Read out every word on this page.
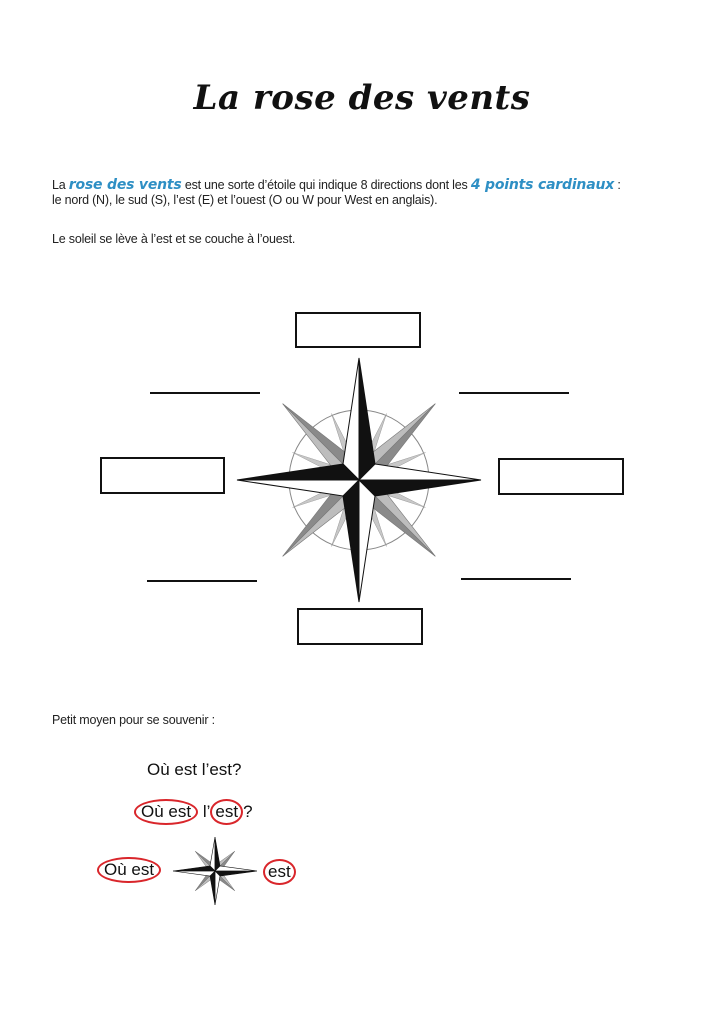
La rose des vents
La rose des vents est une sorte d’étoile qui indique 8 directions dont les 4 points cardinaux :
le nord (N), le sud (S), l’est (E) et l’ouest (O ou W pour West en anglais).
Le soleil se lève à l’est et se couche à l’ouest.
Petit moyen pour se souvenir :
Où est l’est?
Où est l’ est ?
Où est	est
